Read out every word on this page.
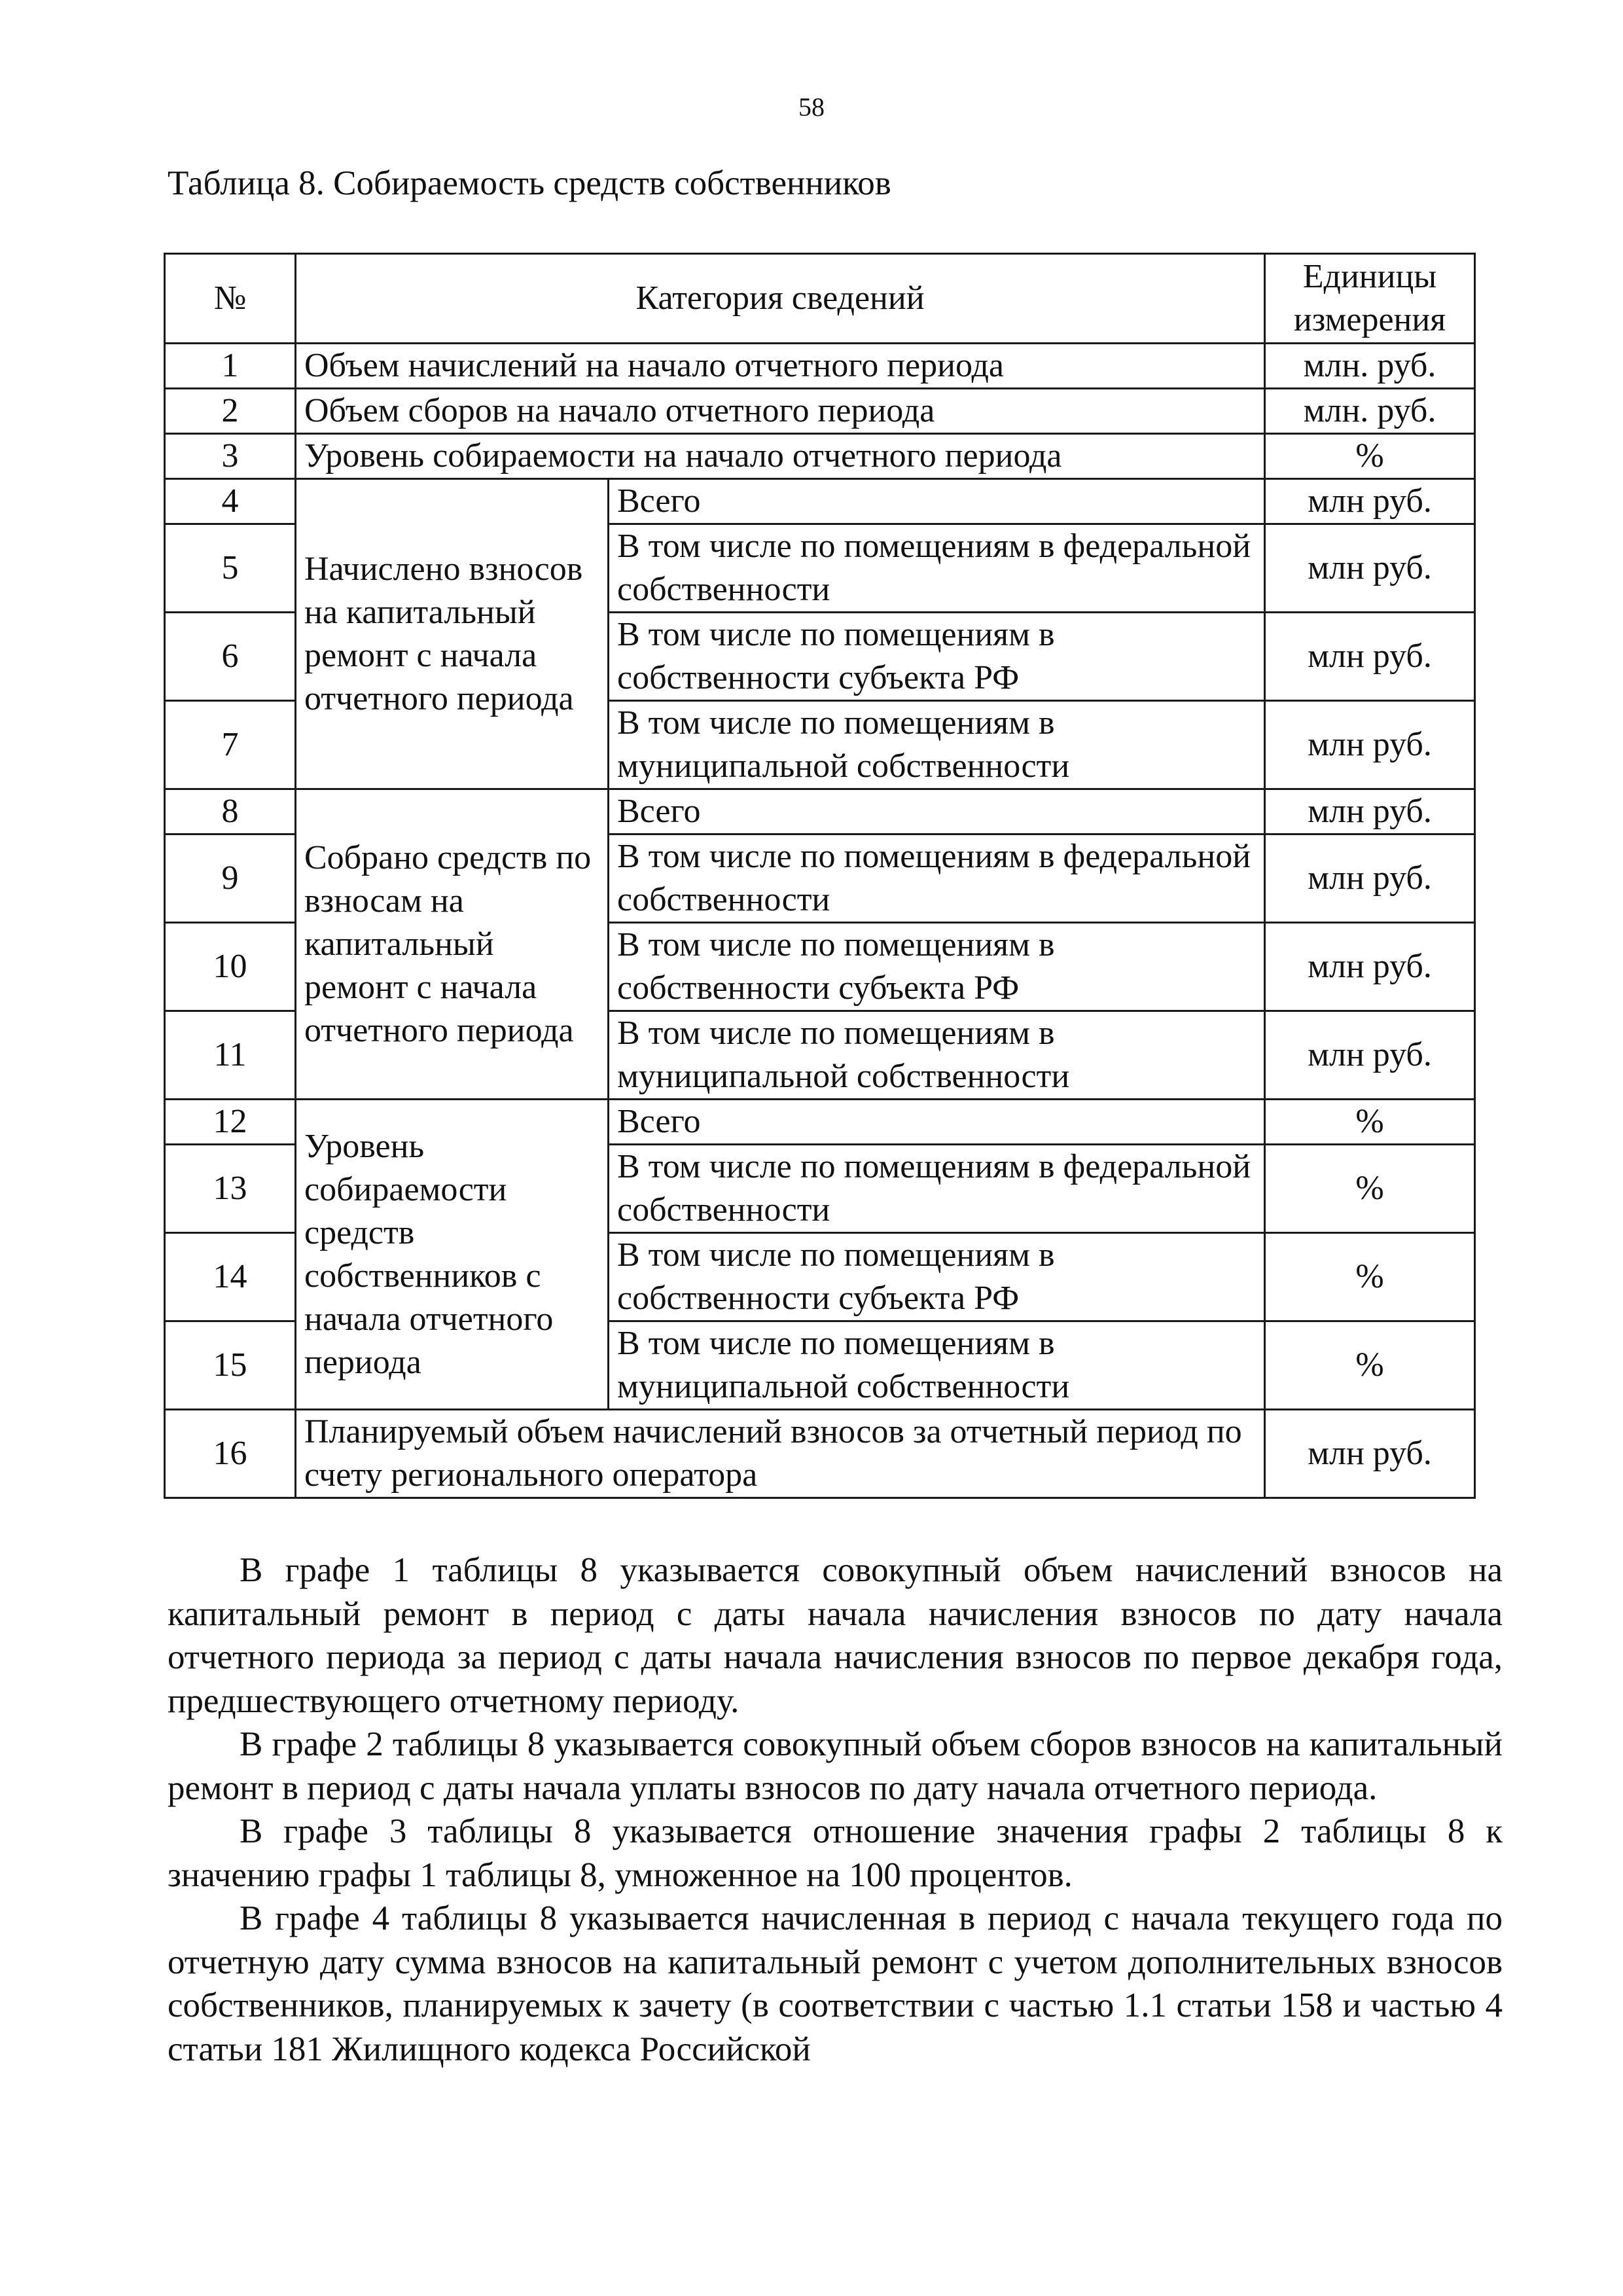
58
Таблица 8. Собираемость средств собственников
№	Категория сведений		Единицы измерения
1	Объем начислений на начало отчетного периода		млн. руб.
2	Объем сборов на начало отчетного периода		млн. руб.
3	Уровень собираемости на начало отчетного периода		%
4	Начислено взносов на капитальный ремонт с начала отчетного периода	Всего	млн руб.
5		В том числе по помещениям в федеральной собственности	млн руб.
6		В том числе по помещениям в собственности субъекта РФ	млн руб.
7		В том числе по помещениям в муниципальной собственности	млн руб.
8	Собрано средств по взносам на капитальный ремонт с начала отчетного периода	Всего	млн руб.
9		В том числе по помещениям в федеральной собственности	млн руб.
10		В том числе по помещениям в собственности субъекта РФ	млн руб.
11		В том числе по помещениям в муниципальной собственности	млн руб.
12	Уровень собираемости средств собственников с начала отчетного периода	Всего	%
13		В том числе по помещениям в федеральной собственности	%
14		В том числе по помещениям в собственности субъекта РФ	%
15		В том числе по помещениям в муниципальной собственности	%
16	Планируемый объем начислений взносов за отчетный период по счету регионального оператора		млн руб.

В графе 1 таблицы 8 указывается совокупный объем начислений взносов на капитальный ремонт в период с даты начала начисления взносов по дату начала отчетного периода за период с даты начала начисления взносов по первое декабря года, предшествующего отчетному периоду.

В графе 2 таблицы 8 указывается совокупный объем сборов взносов на капитальный ремонт в период с даты начала уплаты взносов по дату начала отчетного периода.

В графе 3 таблицы 8 указывается отношение значения графы 2 таблицы 8 к значению графы 1 таблицы 8, умноженное на 100 процентов.

В графе 4 таблицы 8 указывается начисленная в период с начала текущего года по отчетную дату сумма взносов на капитальный ремонт с учетом дополнительных взносов собственников, планируемых к зачету (в соответствии с частью 1.1 статьи 158 и частью 4 статьи 181 Жилищного кодекса Российской
